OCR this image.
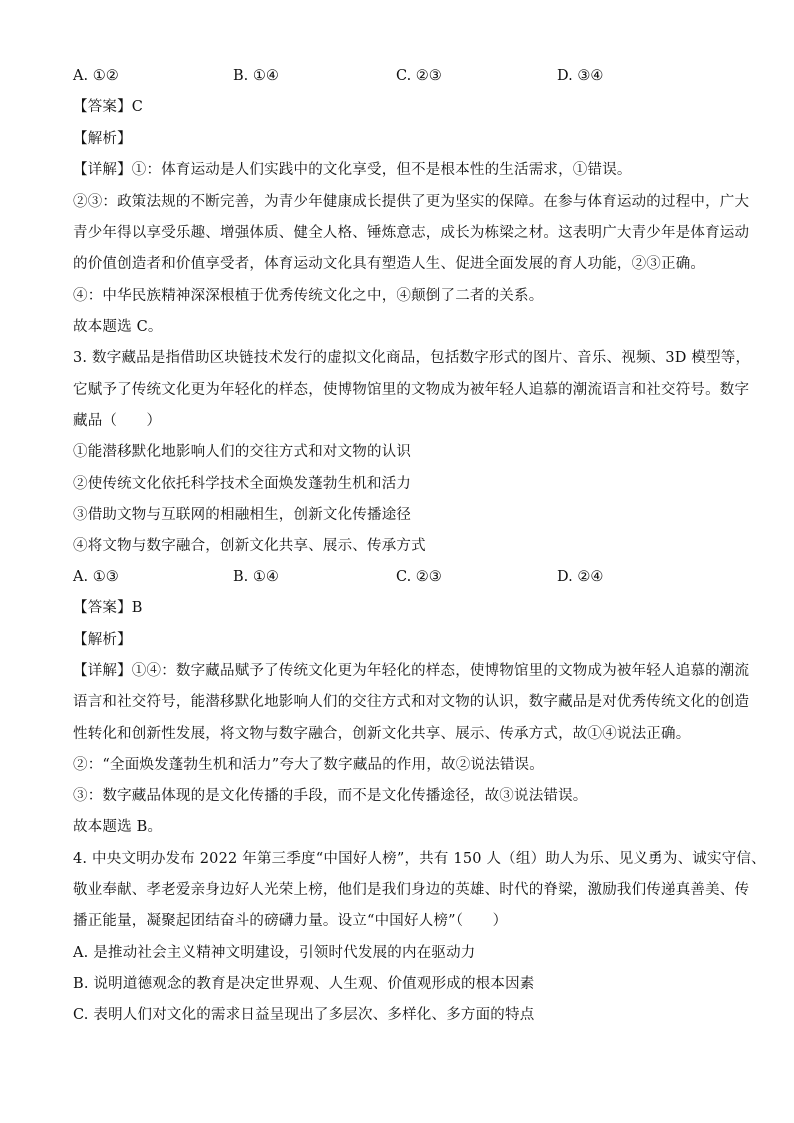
A. ①②	B. ①④	C. ②③	D. ③④
【答案】C
【解析】
【详解】①：体育运动是人们实践中的文化享受，但不是根本性的生活需求，①错误。
②③：政策法规的不断完善，为青少年健康成长提供了更为坚实的保障。在参与体育运动的过程中，广大
青少年得以享受乐趣、增强体质、健全人格、锤炼意志，成长为栋梁之材。这表明广大青少年是体育运动
的价值创造者和价值享受者，体育运动文化具有塑造人生、促进全面发展的育人功能，②③正确。
④：中华民族精神深深根植于优秀传统文化之中，④颠倒了二者的关系。
故本题选 C。
3. 数字藏品是指借助区块链技术发行的虚拟文化商品，包括数字形式的图片、音乐、视频、3D 模型等，
它赋予了传统文化更为年轻化的样态，使博物馆里的文物成为被年轻人追慕的潮流语言和社交符号。数字
藏品（　　）
①能潜移默化地影响人们的交往方式和对文物的认识
②使传统文化依托科学技术全面焕发蓬勃生机和活力
③借助文物与互联网的相融相生，创新文化传播途径
④将文物与数字融合，创新文化共享、展示、传承方式
A. ①③	B. ①④	C. ②③	D. ②④
【答案】B
【解析】
【详解】①④：数字藏品赋予了传统文化更为年轻化的样态，使博物馆里的文物成为被年轻人追慕的潮流
语言和社交符号，能潜移默化地影响人们的交往方式和对文物的认识，数字藏品是对优秀传统文化的创造
性转化和创新性发展，将文物与数字融合，创新文化共享、展示、传承方式，故①④说法正确。
②：“全面焕发蓬勃生机和活力”夸大了数字藏品的作用，故②说法错误。
③：数字藏品体现的是文化传播的手段，而不是文化传播途径，故③说法错误。
故本题选 B。
4. 中央文明办发布 2022 年第三季度“中国好人榜”，共有 150 人（组）助人为乐、见义勇为、诚实守信、
敬业奉献、孝老爱亲身边好人光荣上榜，他们是我们身边的英雄、时代的脊梁，激励我们传递真善美、传
播正能量，凝聚起团结奋斗的磅礴力量。设立“中国好人榜”（　　）
A. 是推动社会主义精神文明建设，引领时代发展的内在驱动力
B. 说明道德观念的教育是决定世界观、人生观、价值观形成的根本因素
C. 表明人们对文化的需求日益呈现出了多层次、多样化、多方面的特点
